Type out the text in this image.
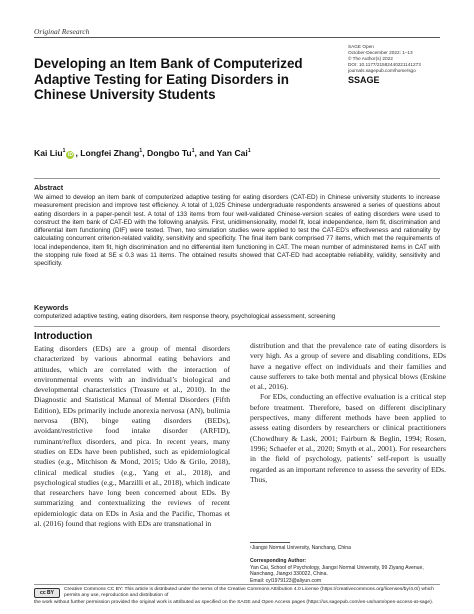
Original Research
SAGE Open
October-December 2022: 1–13
© The Author(s) 2022
DOI: 10.1177/21582440221141273
journals.sagepub.com/home/sgo
SSAGE
Developing an Item Bank of Computerized Adaptive Testing for Eating Disorders in Chinese University Students
Kai Liu$^1$iD , Longfei Zhang$^1$, Dongbo Tu$^1$, and Yan Cai$^1$
Abstract

We aimed to develop an item bank of computerized adaptive testing for eating disorders (CAT-ED) in Chinese university students to increase measurement precision and improve test efficiency. A total of 1,025 Chinese undergraduate respondents answered a series of questions about eating disorders in a paper-pencil test. A total of 133 items from four well-validated Chinese-version scales of eating disorders were used to construct the item bank of CAT-ED with the following analysis. First, unidimensionality, model fit, local independence, item fit, discrimination and differential item functioning (DIF) were tested. Then, two simulation studies were applied to test the CAT-ED’s effectiveness and rationality by calculating concurrent criterion-related validity, sensitivity and specificity. The final item bank comprised 77 items, which met the requirements of local independence, item fit, high discrimination and no differential item functioning in CAT. The mean number of administered items in CAT with the stopping rule fixed at SE ≤ 0.3 was 11 items. The obtained results showed that CAT-ED had acceptable reliability, validity, sensitivity and specificity.

Keywords

computerized adaptive testing, eating disorders, item response theory, psychological assessment, screening

Introduction

Eating disorders (EDs) are a group of mental disorders characterized by various abnormal eating behaviors and attitudes, which are correlated with the interaction of environmental events with an individual’s biological and developmental characteristics (Treasure et al., 2010). In the Diagnostic and Statistical Manual of Mental Disorders (Fifth Edition), EDs primarily include anorexia nervosa (AN), bulimia nervosa (BN), binge eating disorders (BEDs), avoidant/restrictive food intake disorder (ARFID), ruminant/reflux disorders, and pica. In recent years, many studies on EDs have been published, such as epidemiological studies (e.g., Mitchison & Mond, 2015; Udo & Grilo, 2018), clinical medical studies (e.g., Yang et al., 2018), and psychological studies (e.g., Marzilli et al., 2018), which indicate that researchers have long been concerned about EDs. By summarizing and contextualizing the reviews of recent epidemiologic data on EDs in Asia and the Pacific, Thomas et al. (2016) found that regions with EDs are transnational in

distribution and that the prevalence rate of eating disorders is very high. As a group of severe and disabling conditions, EDs have a negative effect on individuals and their families and cause sufferers to take both mental and physical blows (Erskine et al., 2016).

For EDs, conducting an effective evaluation is a critical step before treatment. Therefore, based on different disciplinary perspectives, many different methods have been applied to assess eating disorders by researchers or clinical practitioners (Chowdhury & Lask, 2001; Fairburn & Beglin, 1994; Rosen, 1996; Schaefer et al., 2020; Smyth et al., 2001). For researchers in the field of psychology, patients’ self-report is usually regarded as an important reference to assess the severity of EDs. Thus,

¹Jiangxi Normal University, Nanchang, China
Corresponding Author:
Yan Cai, School of Psychology, Jiangxi Normal University, 99 Ziyang Avenue, Nanchang, Jiangxi 330022, China.
Email: cyl1979123@aliyun.com
cc BY
Creative Commons CC BY: This article is distributed under the terms of the Creative Commons Attribution 4.0 License (https://creativecommons.org/licenses/by/4.0/) which permits any use, reproduction and distribution of
the work without further permission provided the original work is attributed as specified on the SAGE and Open Access pages (https://us.sagepub.com/en-us/nam/open-access-at-sage).
